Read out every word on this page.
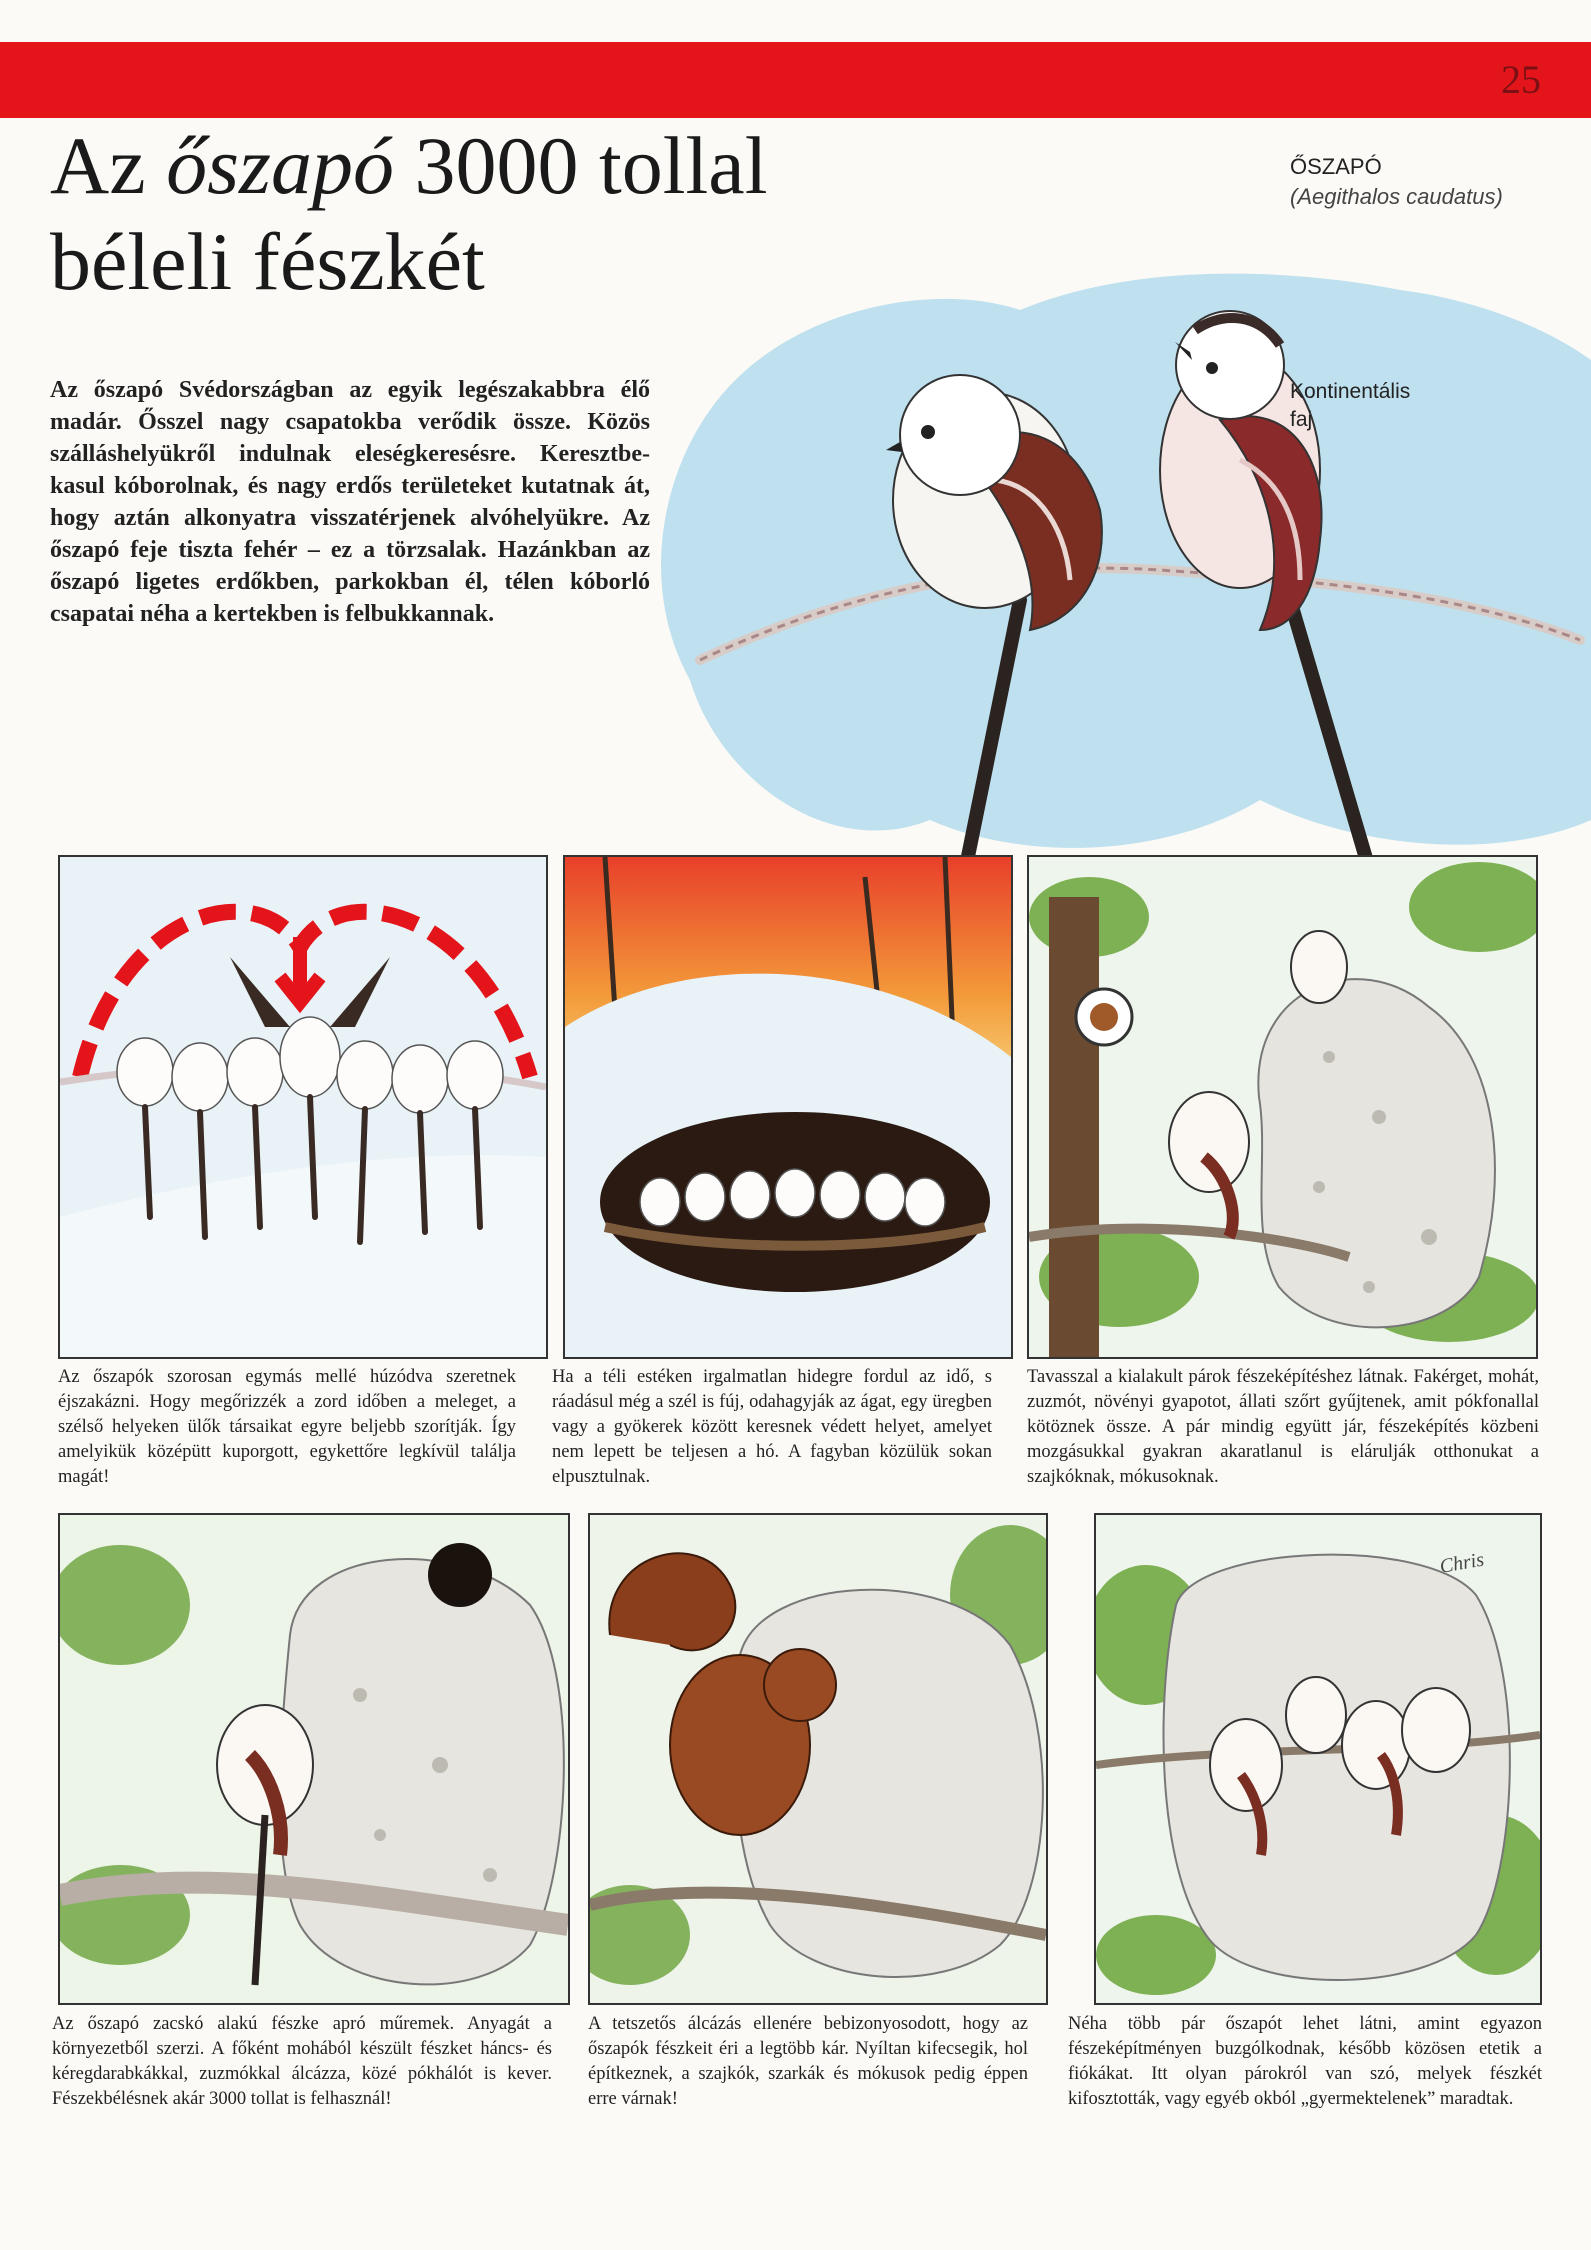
25
Az őszapó 3000 tollal
béleli fészkét
ŐSZAPÓ
(Aegithalos caudatus)
Kontinentális
faj

Az őszapó Svédországban az egyik legészakabbra élő madár. Ősszel nagy csapatokba verődik össze. Közös szálláshelyükről indulnak eleségkeresésre. Keresztbe-kasul kóborolnak, és nagy erdős területeket kutatnak át, hogy aztán alkonyatra visszatérjenek alvóhelyükre. Az őszapó feje tiszta fehér – ez a törzsalak. Hazánkban az őszapó ligetes erdőkben, parkokban él, télen kóborló csapatai néha a kertekben is felbukkannak.

Az őszapók szorosan egymás mellé húzódva szeretnek éjszakázni. Hogy megőrizzék a zord időben a meleget, a szélső helyeken ülők társaikat egyre beljebb szorítják. Így amelyikük középütt kuporgott, egykettőre legkívül találja magát!
Ha a téli estéken irgalmatlan hidegre fordul az idő, s ráadásul még a szél is fúj, odahagyják az ágat, egy üregben vagy a gyökerek között keresnek védett helyet, amelyet nem lepett be teljesen a hó. A fagyban közülük sokan elpusztulnak.
Tavasszal a kialakult párok fészeképítéshez látnak. Fakérget, mohát, zuzmót, növényi gyapotot, állati szőrt gyűjtenek, amit pókfonallal kötöznek össze. A pár mindig együtt jár, fészeképítés közbeni mozgásukkal gyakran akaratlanul is elárulják otthonukat a szajkóknak, mókusoknak.
Chris
Az őszapó zacskó alakú fészke apró műremek. Anyagát a környezetből szerzi. A főként mohából készült fészket háncs- és kéregdarabkákkal, zuzmókkal álcázza, közé pókhálót is kever. Fészekbélésnek akár 3000 tollat is felhasznál!
A tetszetős álcázás ellenére bebizonyosodott, hogy az őszapók fészkeit éri a legtöbb kár. Nyíltan kifecsegik, hol építkeznek, a szajkók, szarkák és mókusok pedig éppen erre várnak!
Néha több pár őszapót lehet látni, amint egyazon fészeképítményen buzgólkodnak, később közösen etetik a fiókákat. Itt olyan párokról van szó, melyek fészkét kifosztották, vagy egyéb okból „gyermektelenek” maradtak.
